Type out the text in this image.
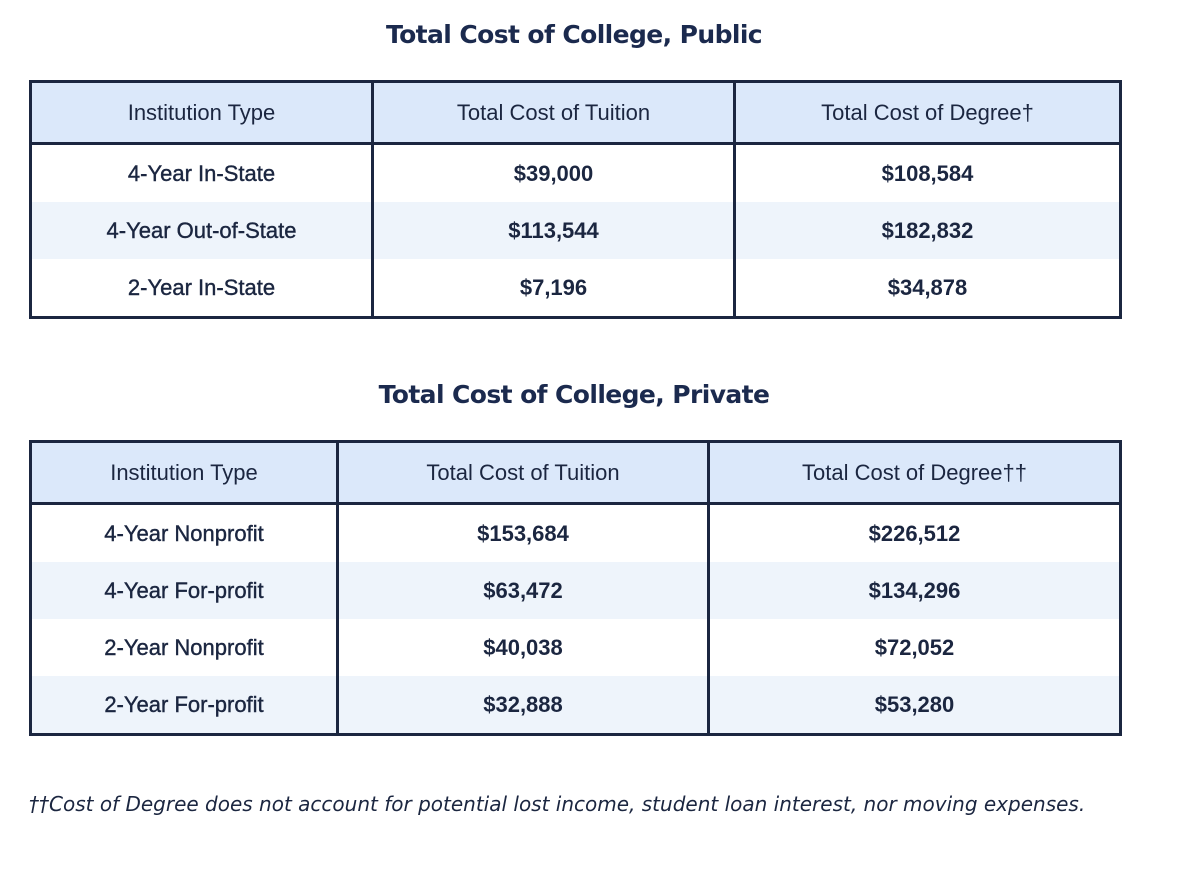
Total Cost of College, Public
Institution Type	Total Cost of Tuition	Total Cost of Degree†
4-Year In-State	$39,000	$108,584
4-Year Out-of-State	$113,544	$182,832
2-Year In-State	$7,196	$34,878
Total Cost of College, Private
Institution Type	Total Cost of Tuition	Total Cost of Degree††
4-Year Nonprofit	$153,684	$226,512
4-Year For-profit	$63,472	$134,296
2-Year Nonprofit	$40,038	$72,052
2-Year For-profit	$32,888	$53,280

††Cost of Degree does not account for potential lost income, student loan interest, nor moving expenses.
